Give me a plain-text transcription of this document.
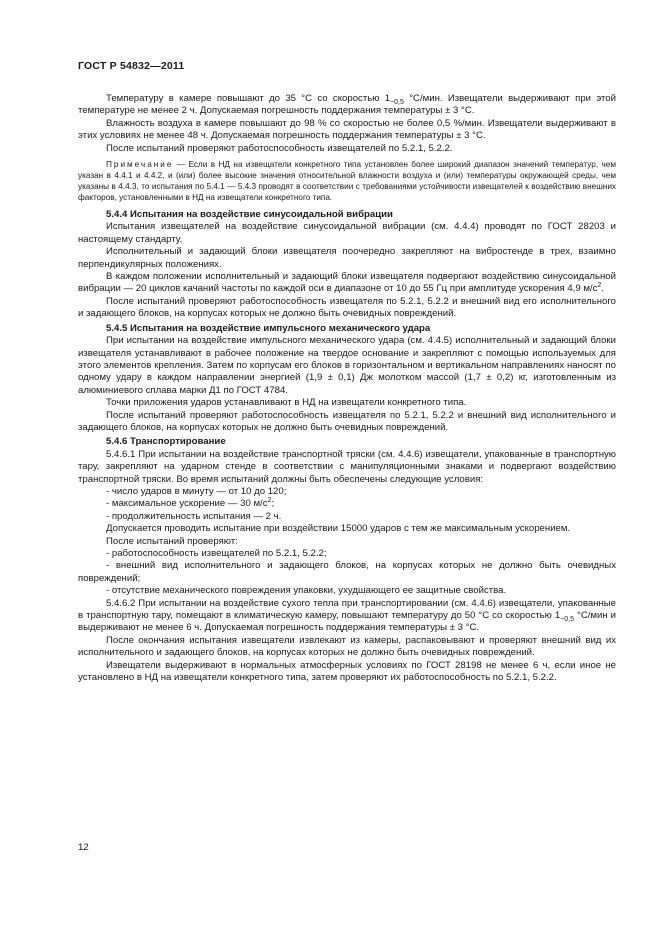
ГОСТ Р 54832—2011

Температуру в камере повышают до 35 °С со скоростью $1_{-0,5}$ °С/мин. Извещатели выдерживают при этой температуре не менее 2 ч. Допускаемая погрешность поддержания температуры ± 3 °С.

Влажность воздуха в камере повышают до 98 % со скоростью не более 0,5 %/мин. Извещатели выдерживают в этих условиях не менее 48 ч. Допускаемая погрешность поддержания температуры ± 3 °С.

После испытаний проверяют работоспособность извещателей по 5.2.1, 5.2.2.

Примечание — Если в НД на извещатели конкретного типа установлен более широкий диапазон значений температур, чем указан в 4.4.1 и 4.4.2, и (или) более высокие значения относительной влажности воздуха и (или) температуры окружающей среды, чем указаны в 4.4.3, то испытания по 5.4.1 — 5.4.3 проводят в соответствии с требованиями устойчивости извещателей к воздействию внешних факторов, установленными в НД на извещатели конкретного типа.

5.4.4 Испытания на воздействие синусоидальной вибрации

Испытания извещателей на воздействие синусоидальной вибрации (см. 4.4.4) проводят по ГОСТ 28203 и настоящему стандарту.

Исполнительный и задающий блоки извещателя поочередно закрепляют на вибростенде в трех, взаимно перпендикулярных положениях.

В каждом положении исполнительный и задающий блоки извещателя подвергают воздействию синусоидальной вибрации — 20 циклов качаний частоты по каждой оси в диапазоне от 10 до 55 Гц при амплитуде ускорения 4,9 $м/с^2$.

После испытаний проверяют работоспособность извещателя по 5.2.1, 5.2.2 и внешний вид его исполнительного и задающего блоков, на корпусах которых не должно быть очевидных повреждений.

5.4.5 Испытания на воздействие импульсного механического удара

При испытании на воздействие импульсного механического удара (см. 4.4.5) исполнительный и задающий блоки извещателя устанавливают в рабочее положение на твердое основание и закрепляют с помощью используемых для этого элементов крепления. Затем по корпусам его блоков в горизонтальном и вертикальном направлениях наносят по одному удару в каждом направлении энергией (1,9 ± 0,1) Дж молотком массой (1,7 ± 0,2) кг, изготовленным из алюминиевого сплава марки Д1 по ГОСТ 4784.

Точки приложения ударов устанавливают в НД на извещатели конкретного типа.

После испытаний проверяют работоспособность извещателя по 5.2.1, 5.2.2 и внешний вид исполнительного и задающего блоков, на корпусах которых не должно быть очевидных повреждений.

5.4.6 Транспортирование

5.4.6.1 При испытании на воздействие транспортной тряски (см. 4.4.6) извещатели, упакованные в транспортную тару, закрепляют на ударном стенде в соответствии с манипуляционными знаками и подвергают воздействию транспортной тряски. Во время испытаний должны быть обеспечены следующие условия:

- число ударов в минуту — от 10 до 120;

- максимальное ускорение — 30 $м/с^2$;

- продолжительность испытания — 2 ч.

Допускается проводить испытание при воздействии 15000 ударов с тем же максимальным ускорением.

После испытаний проверяют:

- работоспособность извещателей по 5.2.1, 5.2.2;

- внешний вид исполнительного и задающего блоков, на корпусах которых не должно быть очевидных повреждений;

- отсутствие механического повреждения упаковки, ухудшающего ее защитные свойства.

5.4.6.2 При испытании на воздействие сухого тепла при транспортировании (см. 4.4.6) извещатели, упакованные в транспортную тару, помещают в климатическую камеру, повышают температуру до 50 °С со скоростью $1_{-0,5}$ °С/мин и выдерживают не менее 6 ч. Допускаемая погрешность поддержания температуры ± 3 °С.

После окончания испытания извещатели извлекают из камеры, распаковывают и проверяют внешний вид их исполнительного и задающего блоков, на корпусах которых не должно быть очевидных повреждений.

Извещатели выдерживают в нормальных атмосферных условиях по ГОСТ 28198 не менее 6 ч, если иное не установлено в НД на извещатели конкретного типа, затем проверяют их работоспособность по 5.2.1, 5.2.2.

12
